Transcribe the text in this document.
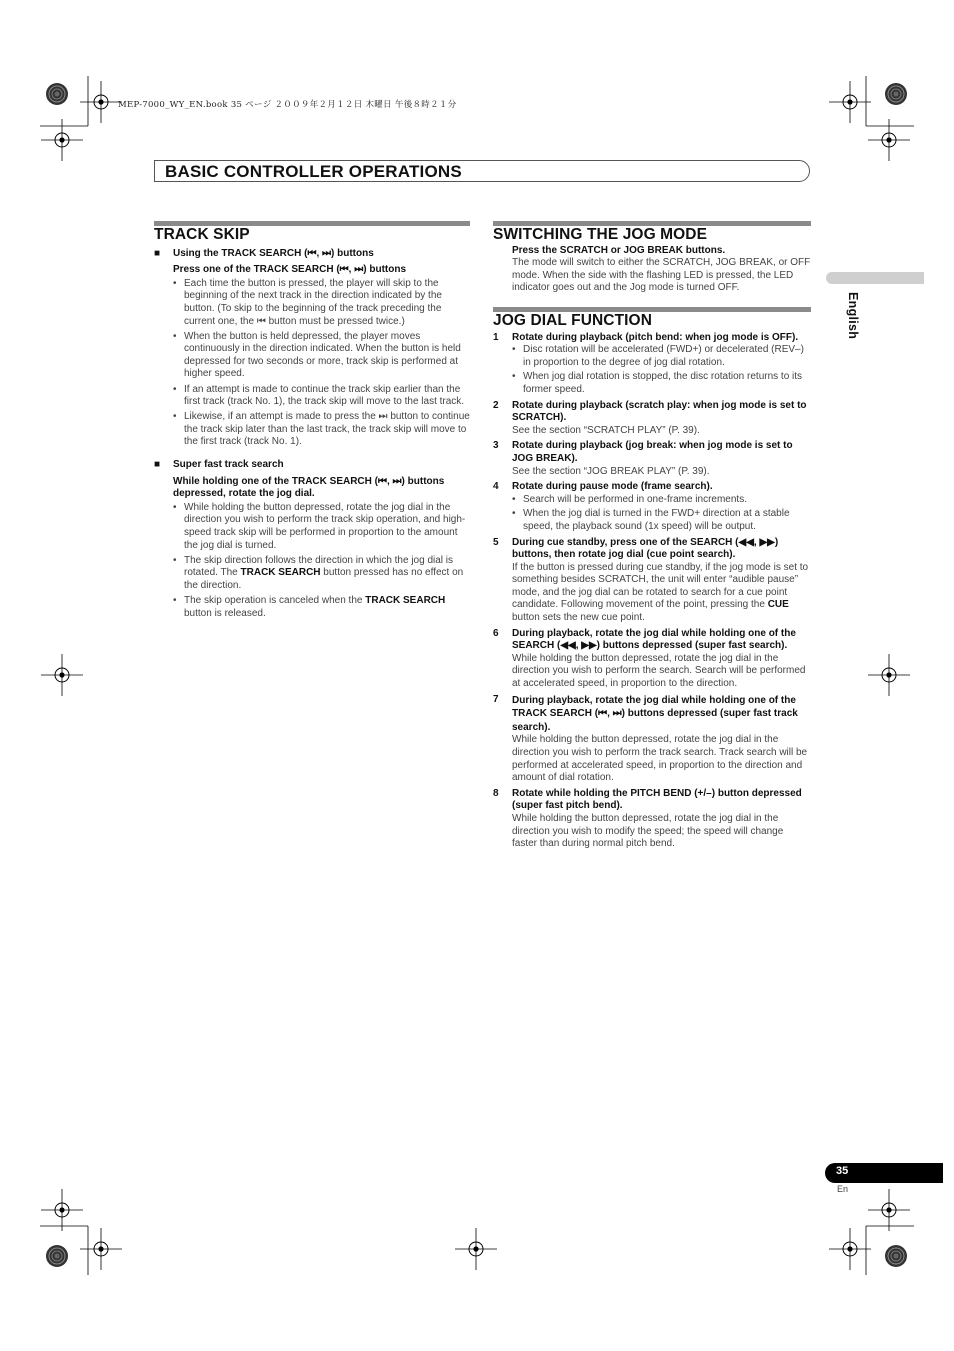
MEP-7000_WY_EN.book 35 ページ ２００９年２月１２日 木曜日 午後８時２１分
BASIC CONTROLLER OPERATIONS
TRACK SKIP
■	Using the TRACK SEARCH (⏮, ⏭) buttons
Press one of the TRACK SEARCH (⏮, ⏭) buttons
• Each time the button is pressed, the player will skip to the beginning of the next track in the direction indicated by the button. (To skip to the beginning of the track preceding the current one, the ⏮ button must be pressed twice.)
• When the button is held depressed, the player moves continuously in the direction indicated. When the button is held depressed for two seconds or more, track skip is performed at higher speed.
• If an attempt is made to continue the track skip earlier than the first track (track No. 1), the track skip will move to the last track.
• Likewise, if an attempt is made to press the ⏭ button to continue the track skip later than the last track, the track skip will move to the first track (track No. 1).
■	Super fast track search
While holding one of the TRACK SEARCH (⏮, ⏭) buttons depressed, rotate the jog dial.
• While holding the button depressed, rotate the jog dial in the direction you wish to perform the track skip operation, and high-speed track skip will be performed in proportion to the amount the jog dial is turned.
• The skip direction follows the direction in which the jog dial is rotated. The TRACK SEARCH button pressed has no effect on the direction.
• The skip operation is canceled when the TRACK SEARCH button is released.
SWITCHING THE JOG MODE
Press the SCRATCH or JOG BREAK buttons.
The mode will switch to either the SCRATCH, JOG BREAK, or OFF mode. When the side with the flashing LED is pressed, the LED indicator goes out and the Jog mode is turned OFF.
JOG DIAL FUNCTION
1	Rotate during playback (pitch bend: when jog mode is OFF).
• Disc rotation will be accelerated (FWD+) or decelerated (REV–) in proportion to the degree of jog dial rotation.
• When jog dial rotation is stopped, the disc rotation returns to its former speed.
2	Rotate during playback (scratch play: when jog mode is set to SCRATCH).
See the section “SCRATCH PLAY” (P. 39).
3	Rotate during playback (jog break: when jog mode is set to JOG BREAK).
See the section “JOG BREAK PLAY” (P. 39).
4	Rotate during pause mode (frame search).
• Search will be performed in one-frame increments.
• When the jog dial is turned in the FWD+ direction at a stable speed, the playback sound (1x speed) will be output.
5	During cue standby, press one of the SEARCH (◀◀, ▶▶) buttons, then rotate jog dial (cue point search).
If the button is pressed during cue standby, if the jog mode is set to something besides SCRATCH, the unit will enter “audible pause” mode, and the jog dial can be rotated to search for a cue point candidate. Following movement of the point, pressing the CUE button sets the new cue point.
6	During playback, rotate the jog dial while holding one of the SEARCH (◀◀, ▶▶) buttons depressed (super fast search).
While holding the button depressed, rotate the jog dial in the direction you wish to perform the search. Search will be performed at accelerated speed, in proportion to the direction.
7	During playback, rotate the jog dial while holding one of the TRACK SEARCH (⏮, ⏭) buttons depressed (super fast track search).
While holding the button depressed, rotate the jog dial in the direction you wish to perform the track search. Track search will be performed at accelerated speed, in proportion to the direction and amount of dial rotation.
8	Rotate while holding the PITCH BEND (+/–) button depressed (super fast pitch bend).
While holding the button depressed, rotate the jog dial in the direction you wish to modify the speed; the speed will change faster than during normal pitch bend.
English
35
En
